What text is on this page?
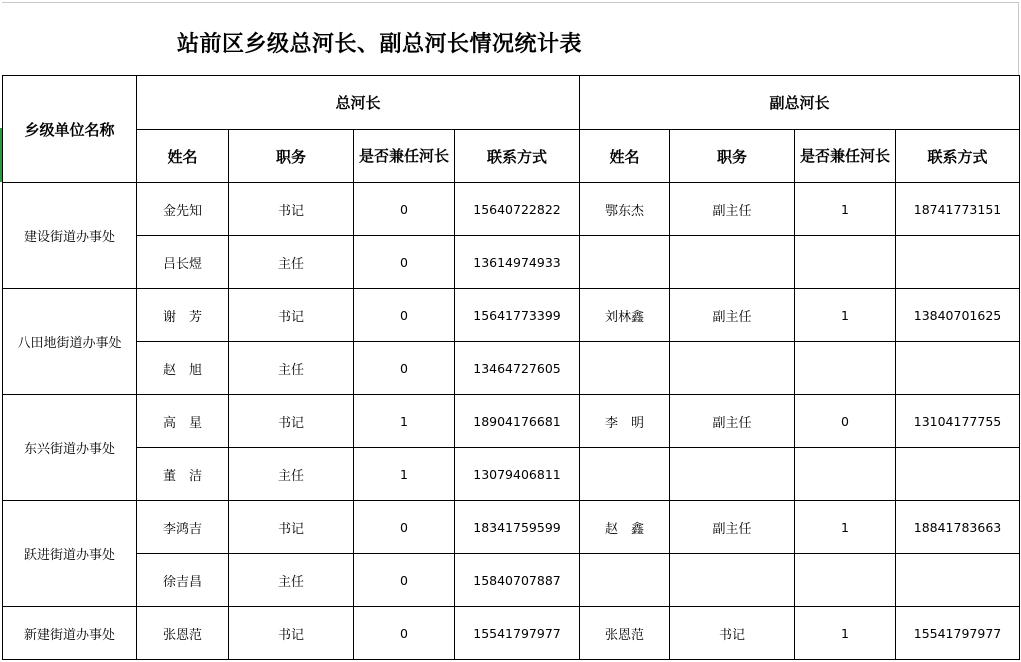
站前区乡级总河长、副总河长情况统计表
乡级单位名称	总河长				副总河长			
	姓名	职务	是否兼任河长	联系方式	姓名	职务	是否兼任河长	联系方式
建设街道办事处	金先知	书记	0	15640722822	鄂东杰	副主任	1	18741773151
	吕长煜	主任	0	13614974933				
八田地街道办事处	谢　芳	书记	0	15641773399	刘林鑫	副主任	1	13840701625
	赵　旭	主任	0	13464727605				
东兴街道办事处	高　星	书记	1	18904176681	李　明	副主任	0	13104177755
	董　洁	主任	1	13079406811				
跃进街道办事处	李鸿吉	书记	0	18341759599	赵　鑫	副主任	1	18841783663
	徐吉昌	主任	0	15840707887				
新建街道办事处	张恩范	书记	0	15541797977	张恩范	书记	1	15541797977
